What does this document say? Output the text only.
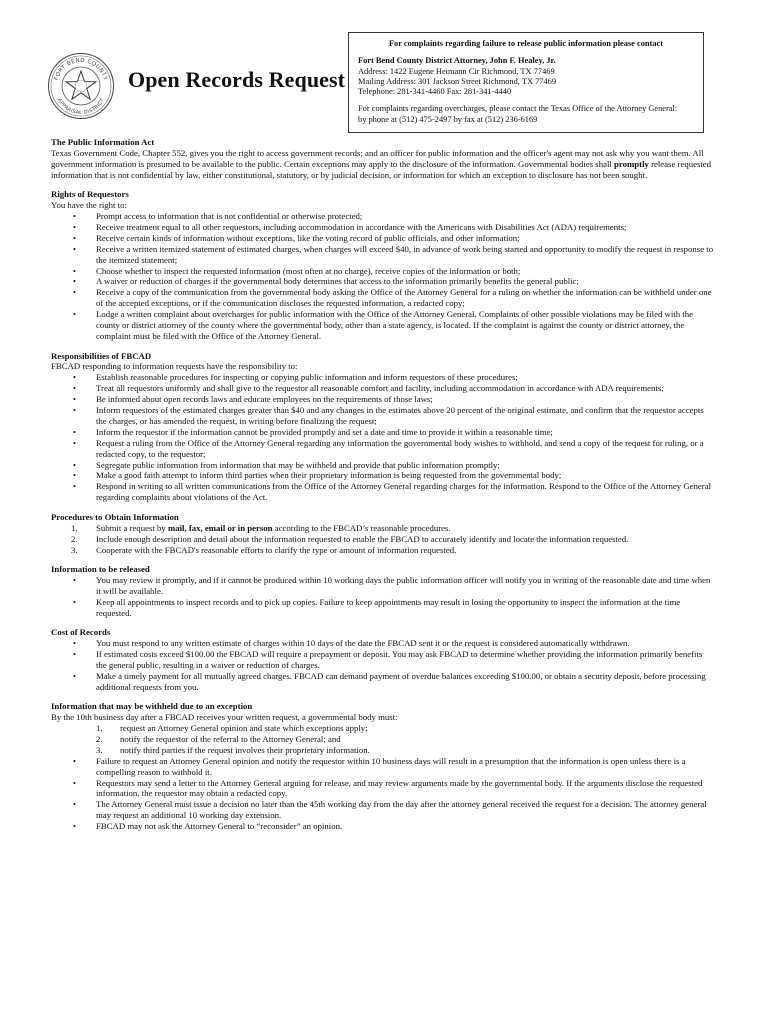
FORT BEND COUNTY
APPRAISAL DISTRICT
Open Records Request
For complaints regarding failure to release public information please contact
Fort Bend County District Attorney, John F. Healey, Jr.
Address: 1422 Eugene Heimann Cir Richmond, TX 77469
Mailing Address: 301 Jackson Street Richmond, TX 77469
Telephone: 281-341-4460 Fax: 281-341-4440
For complaints regarding overcharges, please contact the Texas Office of the Attorney General:
by phone at (512) 475-2497 by fax at (512) 236-6169
The Public Information Act

Texas Government Code, Chapter 552, gives you the right to access government records; and an officer for public information and the officer's agent may not ask why you want them. All government information is presumed to be available to the public. Certain exceptions may apply to the disclosure of the information. Governmental bodies shall promptly release requested information that is not confidential by law, either constitutional, statutory, or by judicial decision, or information for which an exception to disclosure has not been sought.

Rights of Requestors
You have the right to:
• Prompt access to information that is not confidential or otherwise protected;
• Receive treatment equal to all other requestors, including accommodation in accordance with the Americans with Disabilities Act (ADA) requirements;
• Receive certain kinds of information without exceptions, like the voting record of public officials, and other information;
• Receive a written itemized statement of estimated charges, when charges will exceed $40, in advance of work being started and opportunity to modify the request in response to the itemized statement;
• Choose whether to inspect the requested information (most often at no charge), receive copies of the information or both;
• A waiver or reduction of charges if the governmental body determines that access to the information primarily benefits the general public;
• Receive a copy of the communication from the governmental body asking the Office of the Attorney General for a ruling on whether the information can be withheld under one of the accepted exceptions, or if the communication discloses the requested information, a redacted copy;
• Lodge a written complaint about overcharges for public information with the Office of the Attorney General. Complaints of other possible violations may be filed with the county or district attorney of the county where the governmental body, other than a state agency, is located. If the complaint is against the county or district attorney, the complaint must be filed with the Office of the Attorney General.
Responsibilities of FBCAD
FBCAD responding to information requests have the responsibility to:
• Establish reasonable procedures for inspecting or copying public information and inform requestors of these procedures;
• Treat all requestors uniformly and shall give to the requestor all reasonable comfort and facility, including accommodation in accordance with ADA requirements;
• Be informed about open records laws and educate employees on the requirements of those laws;
• Inform requestors of the estimated charges greater than $40 and any changes in the estimates above 20 percent of the original estimate, and confirm that the requestor accepts the charges, or has amended the request, in writing before finalizing the request;
• Inform the requestor if the information cannot be provided promptly and set a date and time to provide it within a reasonable time;
• Request a ruling from the Office of the Attorney General regarding any information the governmental body wishes to withhold, and send a copy of the request for ruling, or a redacted copy, to the requestor;
• Segregate public information from information that may be withheld and provide that public information promptly;
• Make a good faith attempt to inform third parties when their proprietary information is being requested from the governmental body;
• Respond in writing to all written communications from the Office of the Attorney General regarding charges for the information. Respond to the Office of the Attorney General regarding complaints about violations of the Act.
Procedures to Obtain Information
1. Submit a request by mail, fax, email or in person according to the FBCAD’s reasonable procedures.
2. Include enough description and detail about the information requested to enable the FBCAD to accurately identify and locate the information requested.
3. Cooperate with the FBCAD's reasonable efforts to clarify the type or amount of information requested.
Information to be released
• You may review it promptly, and if it cannot be produced within 10 working days the public information officer will notify you in writing of the reasonable date and time when it will be available.
• Keep all appointments to inspect records and to pick up copies. Failure to keep appointments may result in losing the opportunity to inspect the information at the time requested.
Cost of Records
• You must respond to any written estimate of charges within 10 days of the date the FBCAD sent it or the request is considered automatically withdrawn.
• If estimated costs exceed $100.00 the FBCAD will require a prepayment or deposit. You may ask FBCAD to determine whether providing the information primarily benefits the general public, resulting in a waiver or reduction of charges.
• Make a timely payment for all mutually agreed charges. FBCAD can demand payment of overdue balances exceeding $100.00, or obtain a security deposit, before processing additional requests from you.
Information that may be withheld due to an exception
By the 10th business day after a FBCAD receives your written request, a governmental body must:
1. request an Attorney General opinion and state which exceptions apply;
2. notify the requestor of the referral to the Attorney General; and
3. notify third parties if the request involves their proprietary information.
• Failure to request an Attorney General opinion and notify the requestor within 10 business days will result in a presumption that the information is open unless there is a compelling reason to withhold it.
• Requestors may send a letter to the Attorney General arguing for release, and may review arguments made by the governmental body. If the arguments disclose the requested information, the requestor may obtain a redacted copy.
• The Attorney General must issue a decision no later than the 45th working day from the day after the attorney general received the request for a decision. The attorney general may request an additional 10 working day extension.
• FBCAD may not ask the Attorney General to “reconsider” an opinion.
